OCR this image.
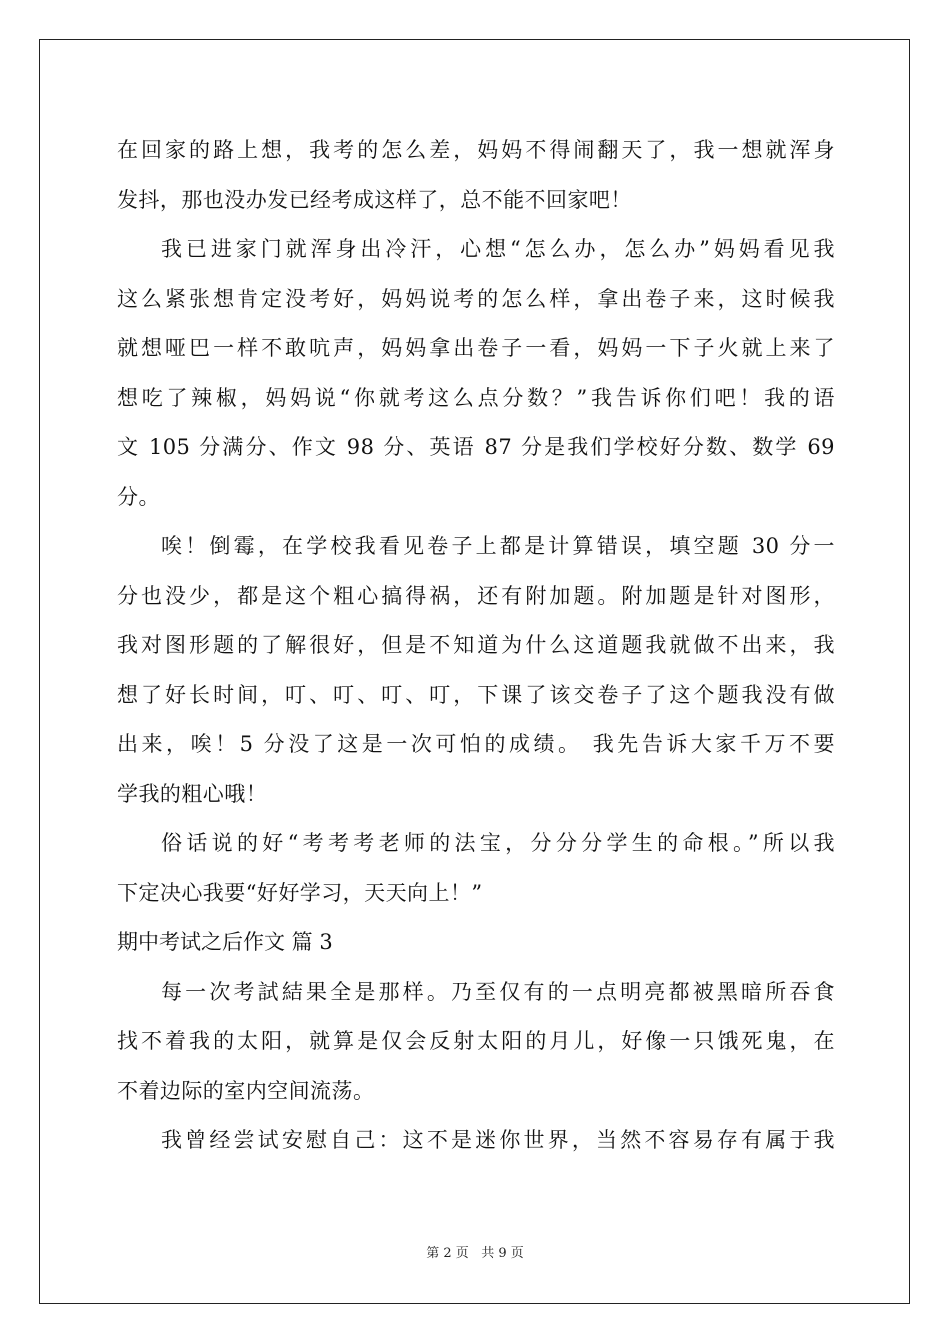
在回家的路上想，我考的怎么差，妈妈不得闹翻天了，我一想就浑身
发抖，那也没办发已经考成这样了，总不能不回家吧！
我已进家门就浑身出冷汗，心想“怎么办，怎么办”妈妈看见我
这么紧张想肯定没考好，妈妈说考的怎么样，拿出卷子来，这时候我
就想哑巴一样不敢吭声，妈妈拿出卷子一看，妈妈一下子火就上来了
想吃了辣椒，妈妈说“你就考这么点分数？”我告诉你们吧！我的语
文 105 分满分、作文 98 分、英语 87 分是我们学校好分数、数学 69
分。
唉！倒霉，在学校我看见卷子上都是计算错误，填空题 30 分一
分也没少，都是这个粗心搞得祸，还有附加题。附加题是针对图形，
我对图形题的了解很好，但是不知道为什么这道题我就做不出来，我
想了好长时间，叮、叮、叮、叮，下课了该交卷子了这个题我没有做
出来，唉！5 分没了这是一次可怕的成绩。 我先告诉大家千万不要
学我的粗心哦！
俗话说的好“考考考老师的法宝，分分分学生的命根。”所以我
下定决心我要“好好学习，天天向上！”
期中考试之后作文 篇 3
每一次考試結果全是那样。乃至仅有的一点明亮都被黑暗所吞食
找不着我的太阳，就算是仅会反射太阳的月儿，好像一只饿死鬼，在
不着边际的室内空间流荡。
我曾经尝试安慰自己：这不是迷你世界，当然不容易存有属于我
第 2 页 共 9 页
